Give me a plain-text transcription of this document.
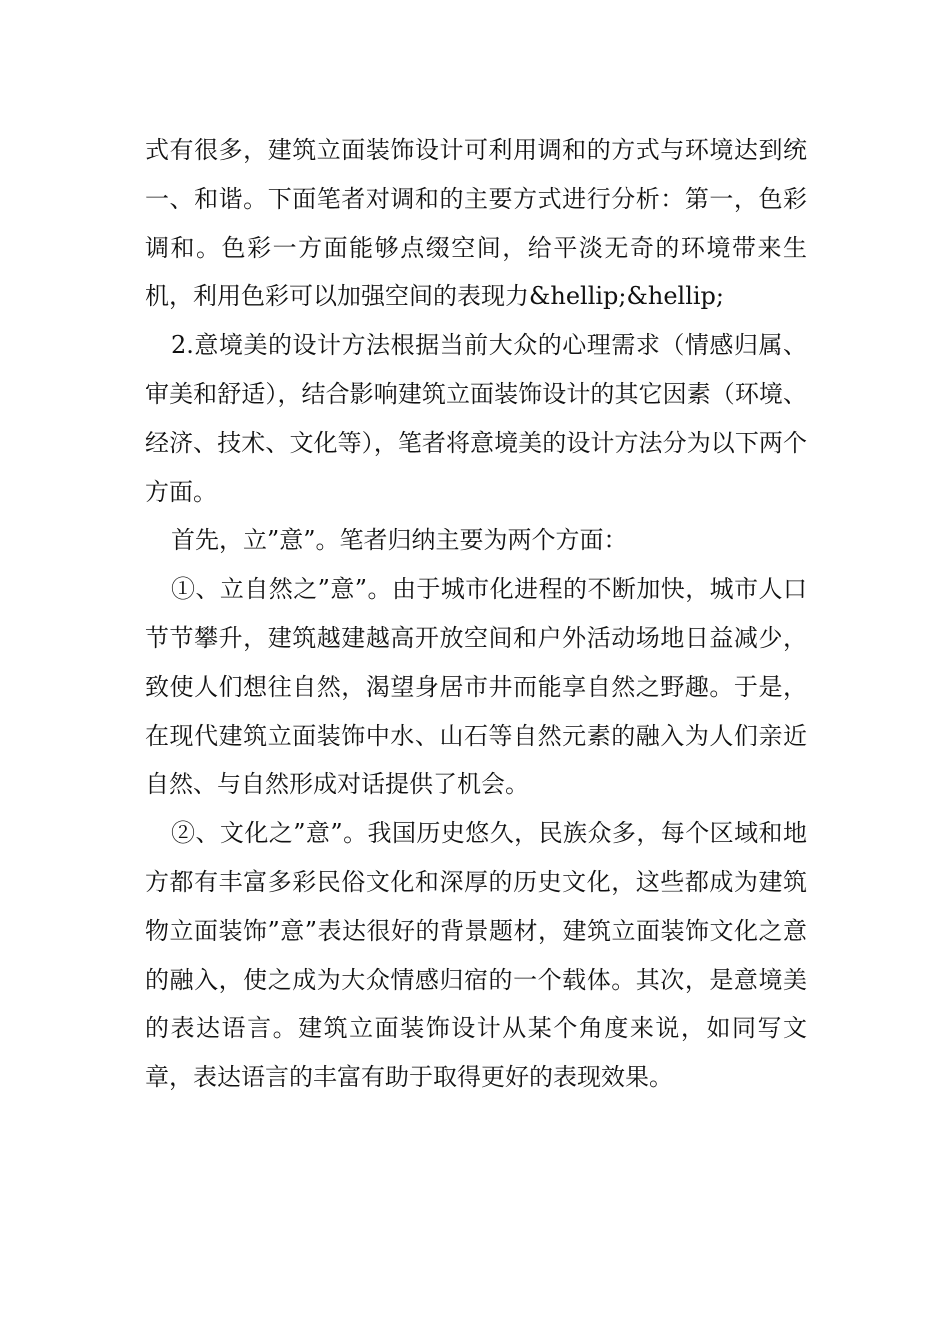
式有很多，建筑立面装饰设计可利用调和的方式与环境达到统一、和谐。下面笔者对调和的主要方式进行分析：第一，色彩调和。色彩一方面能够点缀空间，给平淡无奇的环境带来生机，利用色彩可以加强空间的表现力&hellip;&hellip;

2.意境美的设计方法根据当前大众的心理需求（情感归属、审美和舒适），结合影响建筑立面装饰设计的其它因素（环境、经济、技术、文化等），笔者将意境美的设计方法分为以下两个方面。

首先，立”意”。笔者归纳主要为两个方面：

①、立自然之”意”。由于城市化进程的不断加快，城市人口节节攀升，建筑越建越高开放空间和户外活动场地日益减少，致使人们想往自然，渴望身居市井而能享自然之野趣。于是，在现代建筑立面装饰中水、山石等自然元素的融入为人们亲近自然、与自然形成对话提供了机会。

②、文化之”意”。我国历史悠久，民族众多，每个区域和地方都有丰富多彩民俗文化和深厚的历史文化，这些都成为建筑物立面装饰”意”表达很好的背景题材，建筑立面装饰文化之意的融入，使之成为大众情感归宿的一个载体。其次，是意境美的表达语言。建筑立面装饰设计从某个角度来说，如同写文章，表达语言的丰富有助于取得更好的表现效果。
